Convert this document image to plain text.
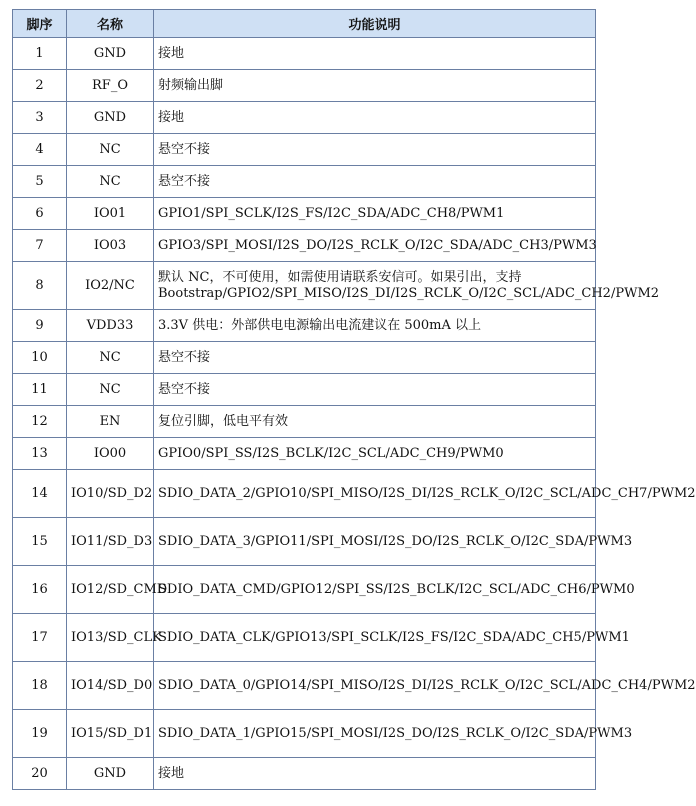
脚序	名称	功能说明
1	GND	接地
2	RF_O	射频输出脚
3	GND	接地
4	NC	悬空不接
5	NC	悬空不接
6	IO01	GPIO1/SPI_SCLK/I2S_FS/I2C_SDA/ADC_CH8/PWM1
7	IO03	GPIO3/SPI_MOSI/I2S_DO/I2S_RCLK_O/I2C_SDA/ADC_CH3/PWM3
8	IO2/NC	默认 NC，不可使用，如需使用请联系安信可。如果引出，支持 Bootstrap/GPIO2/SPI_MISO/I2S_DI/I2S_RCLK_O/I2C_SCL/ADC_CH2/PWM2
9	VDD33	3.3V 供电：外部供电电源输出电流建议在 500mA 以上
10	NC	悬空不接
11	NC	悬空不接
12	EN	复位引脚，低电平有效
13	IO00	GPIO0/SPI_SS/I2S_BCLK/I2C_SCL/ADC_CH9/PWM0
14	IO10/SD_D2	SDIO_DATA_2/GPIO10/SPI_MISO/I2S_DI/I2S_RCLK_O/I2C_SCL/ADC_CH7/PWM2
15	IO11/SD_D3	SDIO_DATA_3/GPIO11/SPI_MOSI/I2S_DO/I2S_RCLK_O/I2C_SDA/PWM3
16	IO12/SD_CMD	SDIO_DATA_CMD/GPIO12/SPI_SS/I2S_BCLK/I2C_SCL/ADC_CH6/PWM0
17	IO13/SD_CLK	SDIO_DATA_CLK/GPIO13/SPI_SCLK/I2S_FS/I2C_SDA/ADC_CH5/PWM1
18	IO14/SD_D0	SDIO_DATA_0/GPIO14/SPI_MISO/I2S_DI/I2S_RCLK_O/I2C_SCL/ADC_CH4/PWM2
19	IO15/SD_D1	SDIO_DATA_1/GPIO15/SPI_MOSI/I2S_DO/I2S_RCLK_O/I2C_SDA/PWM3
20	GND	接地
